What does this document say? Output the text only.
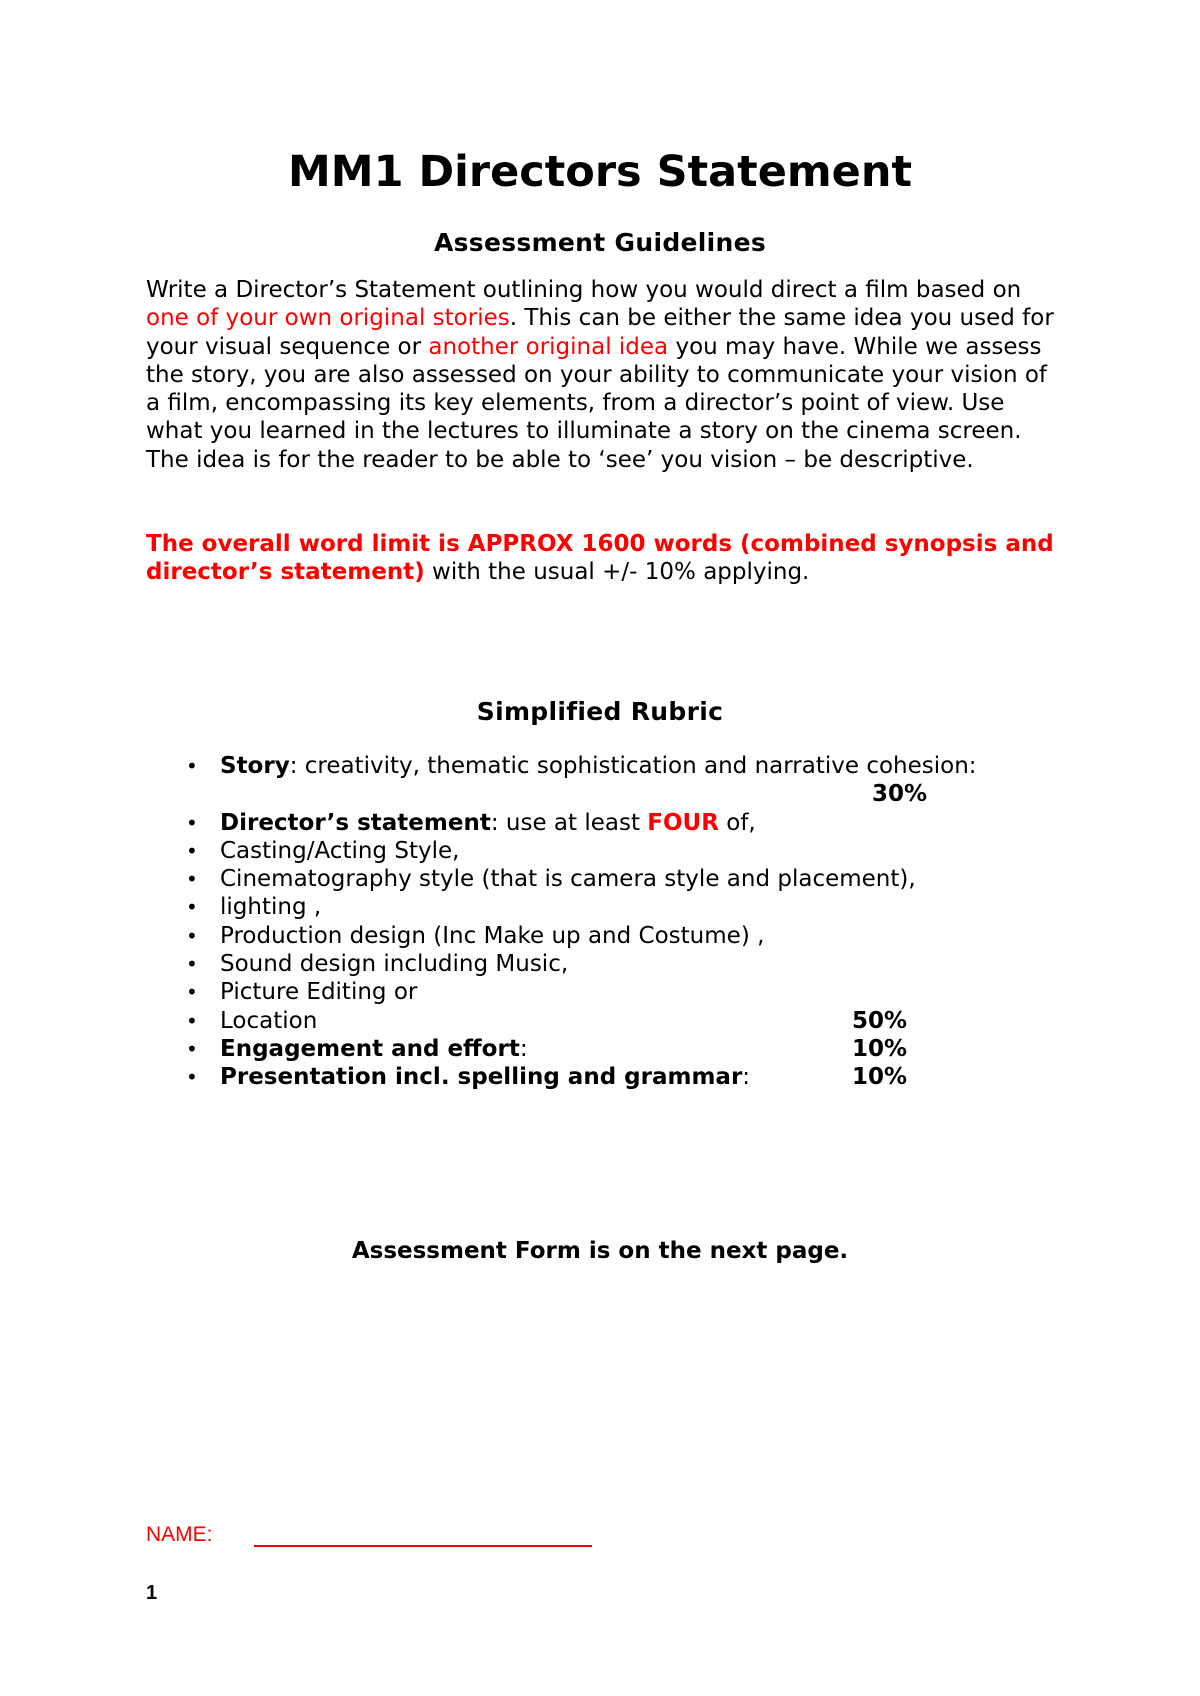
MM1 Directors Statement
Assessment Guidelines
Write a Director’s Statement outlining how you would direct a film based on one of your own original stories. This can be either the same idea you used for your visual sequence or another original idea you may have. While we assess the story, you are also assessed on your ability to communicate your vision of a film, encompassing its key elements, from a director’s point of view. Use what you learned in the lectures to illuminate a story on the cinema screen.
The idea is for the reader to be able to ‘see’ you vision – be descriptive.
The overall word limit is APPROX 1600 words (combined synopsis and director’s statement) with the usual +/- 10% applying.
Simplified Rubric
• Story: creativity, thematic sophistication and narrative cohesion:
30%
• Director’s statement: use at least FOUR of,
• Casting/Acting Style,
• Cinematography style (that is camera style and placement),
• lighting ,
• Production design (Inc Make up and Costume) ,
• Sound design including Music,
• Picture Editing or
• Location	50%
• Engagement and effort:	10%
• Presentation incl. spelling and grammar:	10%

Assessment Form is on the next page.

NAME:
1
